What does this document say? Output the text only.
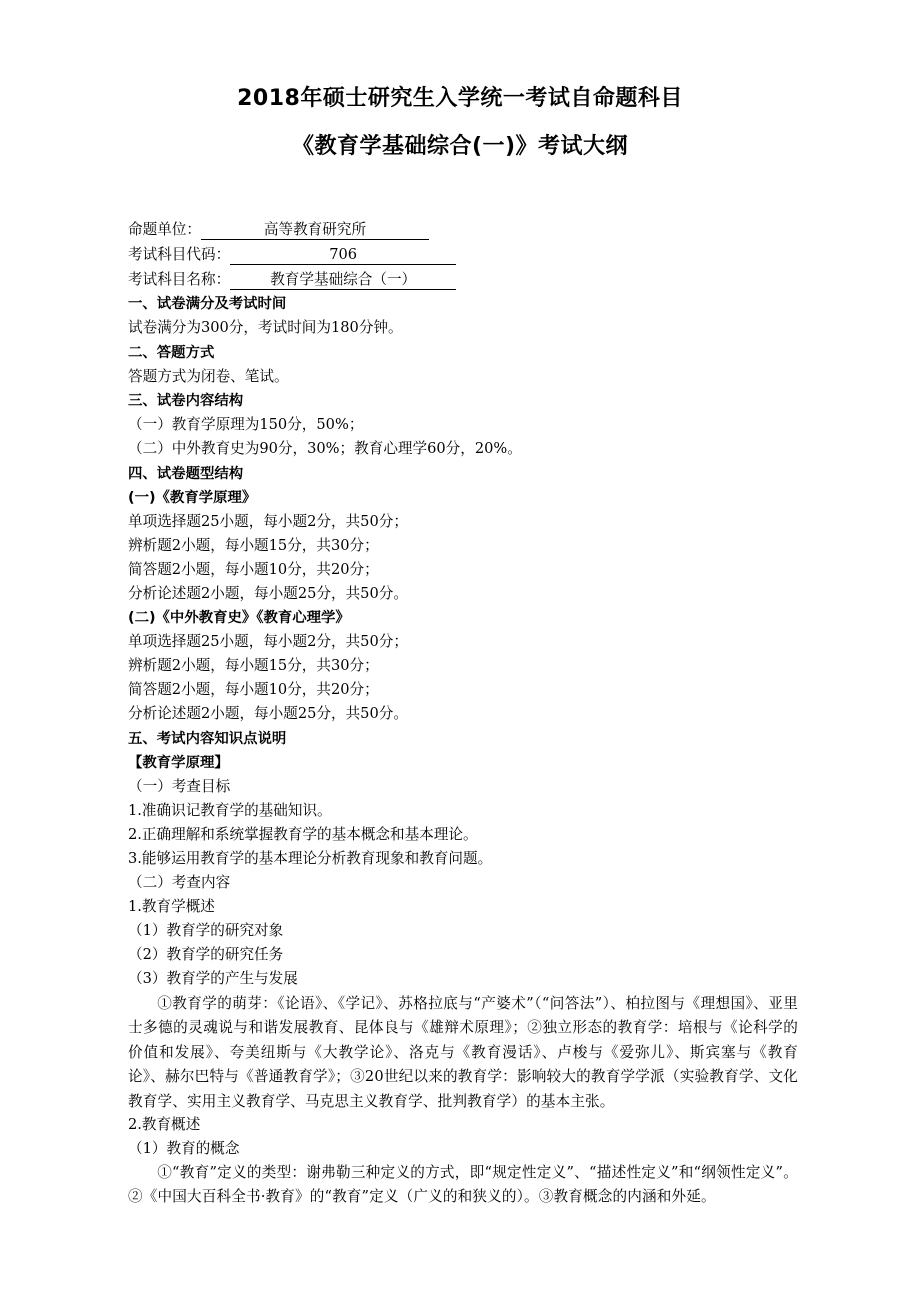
2018年硕士研究生入学统一考试自命题科目
《教育学基础综合(一)》考试大纲
命题单位：	高等教育研究所
考试科目代码：	706
考试科目名称：	教育学基础综合（一）
一、试卷满分及考试时间
试卷满分为300分，考试时间为180分钟。
二、答题方式
答题方式为闭卷、笔试。
三、试卷内容结构
（一）教育学原理为150分，50%；
（二）中外教育史为90分，30%；教育心理学60分，20%。
四、试卷题型结构
(一)《教育学原理》
单项选择题25小题，每小题2分，共50分；
辨析题2小题，每小题15分，共30分；
简答题2小题，每小题10分，共20分；
分析论述题2小题，每小题25分，共50分。
(二)《中外教育史》《教育心理学》
单项选择题25小题，每小题2分，共50分；
辨析题2小题，每小题15分，共30分；
简答题2小题，每小题10分，共20分；
分析论述题2小题，每小题25分，共50分。
五、考试内容知识点说明
【教育学原理】
（一）考查目标
1.准确识记教育学的基础知识。
2.正确理解和系统掌握教育学的基本概念和基本理论。
3.能够运用教育学的基本理论分析教育现象和教育问题。
（二）考查内容
1.教育学概述
（1）教育学的研究对象
（2）教育学的研究任务
（3）教育学的产生与发展
①教育学的萌芽：《论语》、《学记》、苏格拉底与“产婆术”（“问答法”）、柏拉图与《理想国》、亚里士多德的灵魂说与和谐发展教育、昆体良与《雄辩术原理》；②独立形态的教育学：培根与《论科学的价值和发展》、夸美纽斯与《大教学论》、洛克与《教育漫话》、卢梭与《爱弥儿》、斯宾塞与《教育论》、赫尔巴特与《普通教育学》；③20世纪以来的教育学：影响较大的教育学学派（实验教育学、文化教育学、实用主义教育学、马克思主义教育学、批判教育学）的基本主张。
2.教育概述
（1）教育的概念
①“教育”定义的类型：谢弗勒三种定义的方式，即“规定性定义”、“描述性定义”和“纲领性定义”。②《中国大百科全书·教育》的“教育”定义（广义的和狭义的）。③教育概念的内涵和外延。
